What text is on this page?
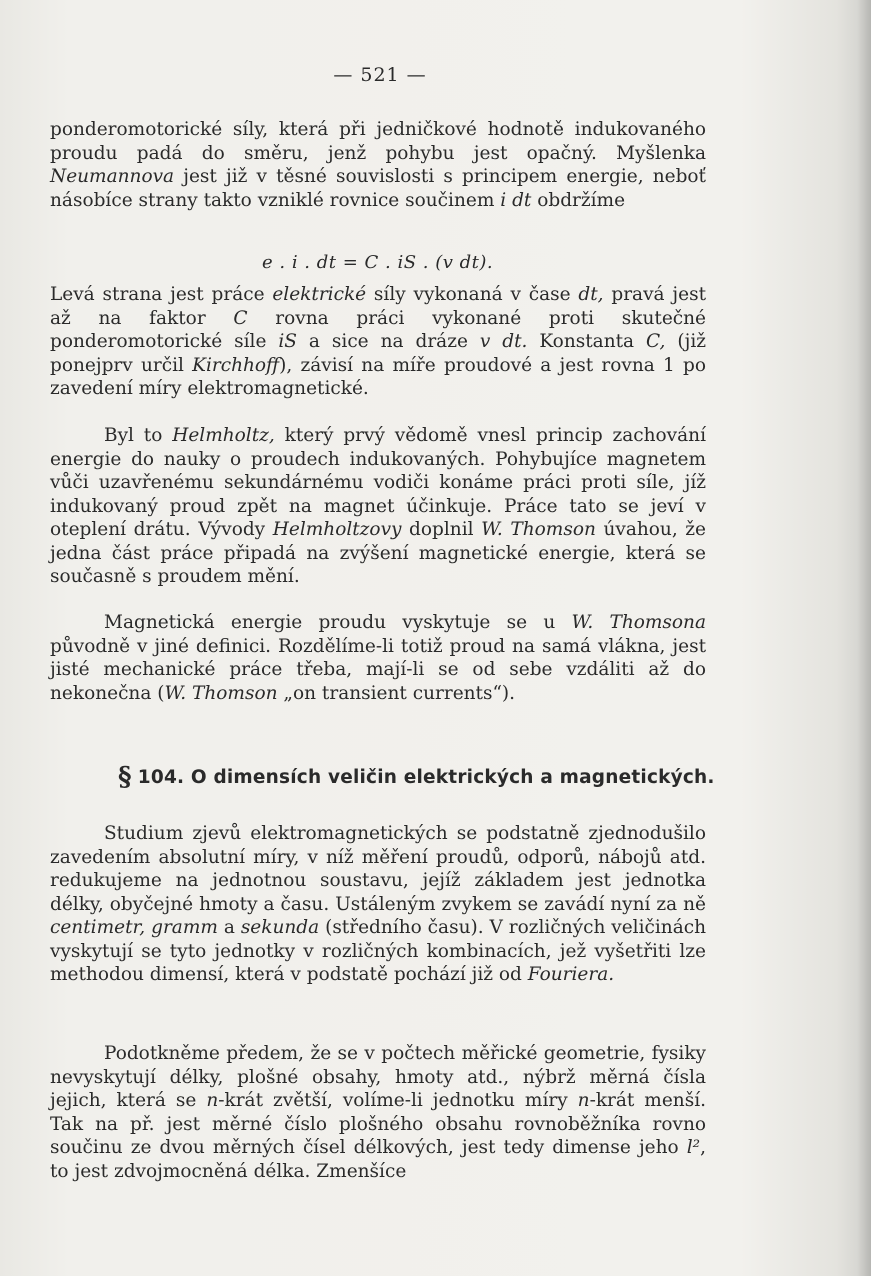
— 521 —

ponderomotorické síly, která při jedničkové hodnotě indukovaného proudu padá do směru, jenž pohybu jest opačný. Myšlenka Neumannova jest již v těsné souvislosti s principem energie, neboť násobíce strany takto vzniklé rovnice součinem i dt obdržíme

e . i . dt = C . iS . (v dt).

Levá strana jest práce elektrické síly vykonaná v čase dt, pravá jest až na faktor C rovna práci vykonané proti skutečné ponderomotorické síle iS a sice na dráze v dt. Konstanta C, (již ponejprv určil Kirchhoff), závisí na míře proudové a jest rovna 1 po zavedení míry elektromagnetické.

Byl to Helmholtz, který prvý vědomě vnesl princip zachování energie do nauky o proudech indukovaných. Pohybujíce magnetem vůči uzavřenému sekundárnému vodiči konáme práci proti síle, jíž indukovaný proud zpět na magnet účinkuje. Práce tato se jeví v oteplení drátu. Vývody Helmholtzovy doplnil W. Thomson úvahou, že jedna část práce připadá na zvýšení magnetické energie, která se současně s proudem mění.

Magnetická energie proudu vyskytuje se u W. Thomsona původně v jiné definici. Rozdělíme-li totiž proud na samá vlákna, jest jisté mechanické práce třeba, mají-li se od sebe vzdáliti až do nekonečna (W. Thomson „on transient currents“).

§ 104. O dimensích veličin elektrických a magnetických.

Studium zjevů elektromagnetických se podstatně zjednodušilo zavedením absolutní míry, v níž měření proudů, odporů, nábojů atd. redukujeme na jednotnou soustavu, jejíž základem jest jednotka délky, obyčejné hmoty a času. Ustáleným zvykem se zavádí nyní za ně centimetr, gramm a sekunda (středního času). V rozličných veličinách vyskytují se tyto jednotky v rozličných kombinacích, jež vyšetřiti lze methodou dimensí, která v podstatě pochází již od Fouriera.

Podotkněme předem, že se v počtech měřické geometrie, fysiky nevyskytují délky, plošné obsahy, hmoty atd., nýbrž měrná čísla jejich, která se n-krát zvětší, volíme-li jednotku míry n-krát menší. Tak na př. jest měrné číslo plošného obsahu rovnoběžníka rovno součinu ze dvou měrných čísel délkových, jest tedy dimense jeho l², to jest zdvojmocněná délka. Zmenšíce
